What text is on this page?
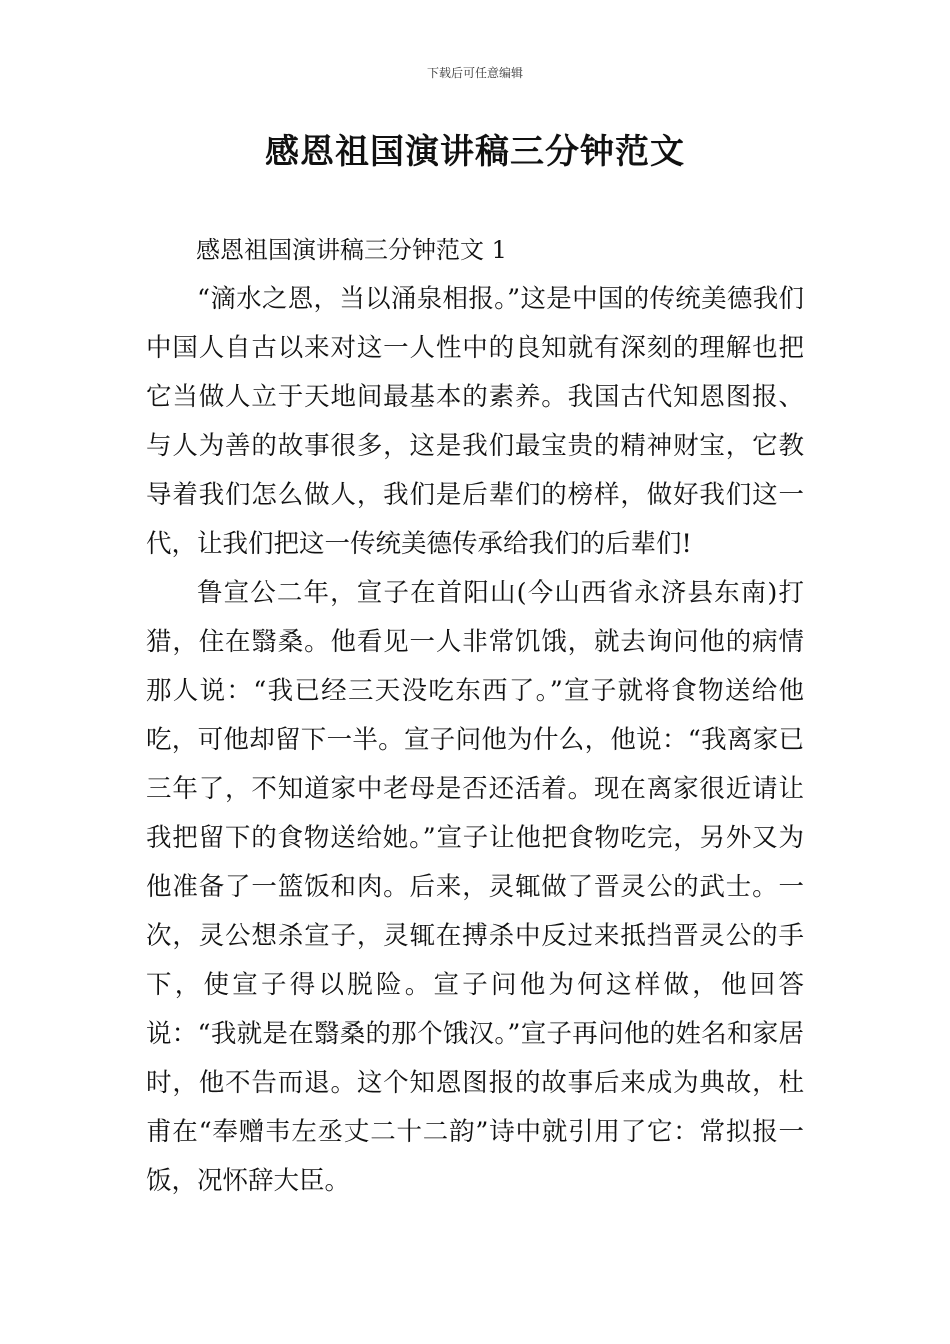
下载后可任意编辑
感恩祖国演讲稿三分钟范文
感恩祖国演讲稿三分钟范文 1

“滴水之恩，当以涌泉相报。”这是中国的传统美德我们中国人自古以来对这一人性中的良知就有深刻的理解也把它当做人立于天地间最基本的素养。我国古代知恩图报、与人为善的故事很多，这是我们最宝贵的精神财宝，它教导着我们怎么做人，我们是后辈们的榜样，做好我们这一代，让我们把这一传统美德传承给我们的后辈们!

鲁宣公二年，宣子在首阳山(今山西省永济县东南)打猎，住在翳桑。他看见一人非常饥饿，就去询问他的病情那人说：“我已经三天没吃东西了。”宣子就将食物送给他吃，可他却留下一半。宣子问他为什么，他说：“我离家已三年了，不知道家中老母是否还活着。现在离家很近请让我把留下的食物送给她。”宣子让他把食物吃完，另外又为他准备了一篮饭和肉。后来，灵辄做了晋灵公的武士。一次，灵公想杀宣子，灵辄在搏杀中反过来抵挡晋灵公的手下，使宣子得以脱险。宣子问他为何这样做，他回答说：“我就是在翳桑的那个饿汉。”宣子再问他的姓名和家居时，他不告而退。这个知恩图报的故事后来成为典故，杜甫在“奉赠韦左丞丈二十二韵”诗中就引用了它：常拟报一饭，况怀辞大臣。
